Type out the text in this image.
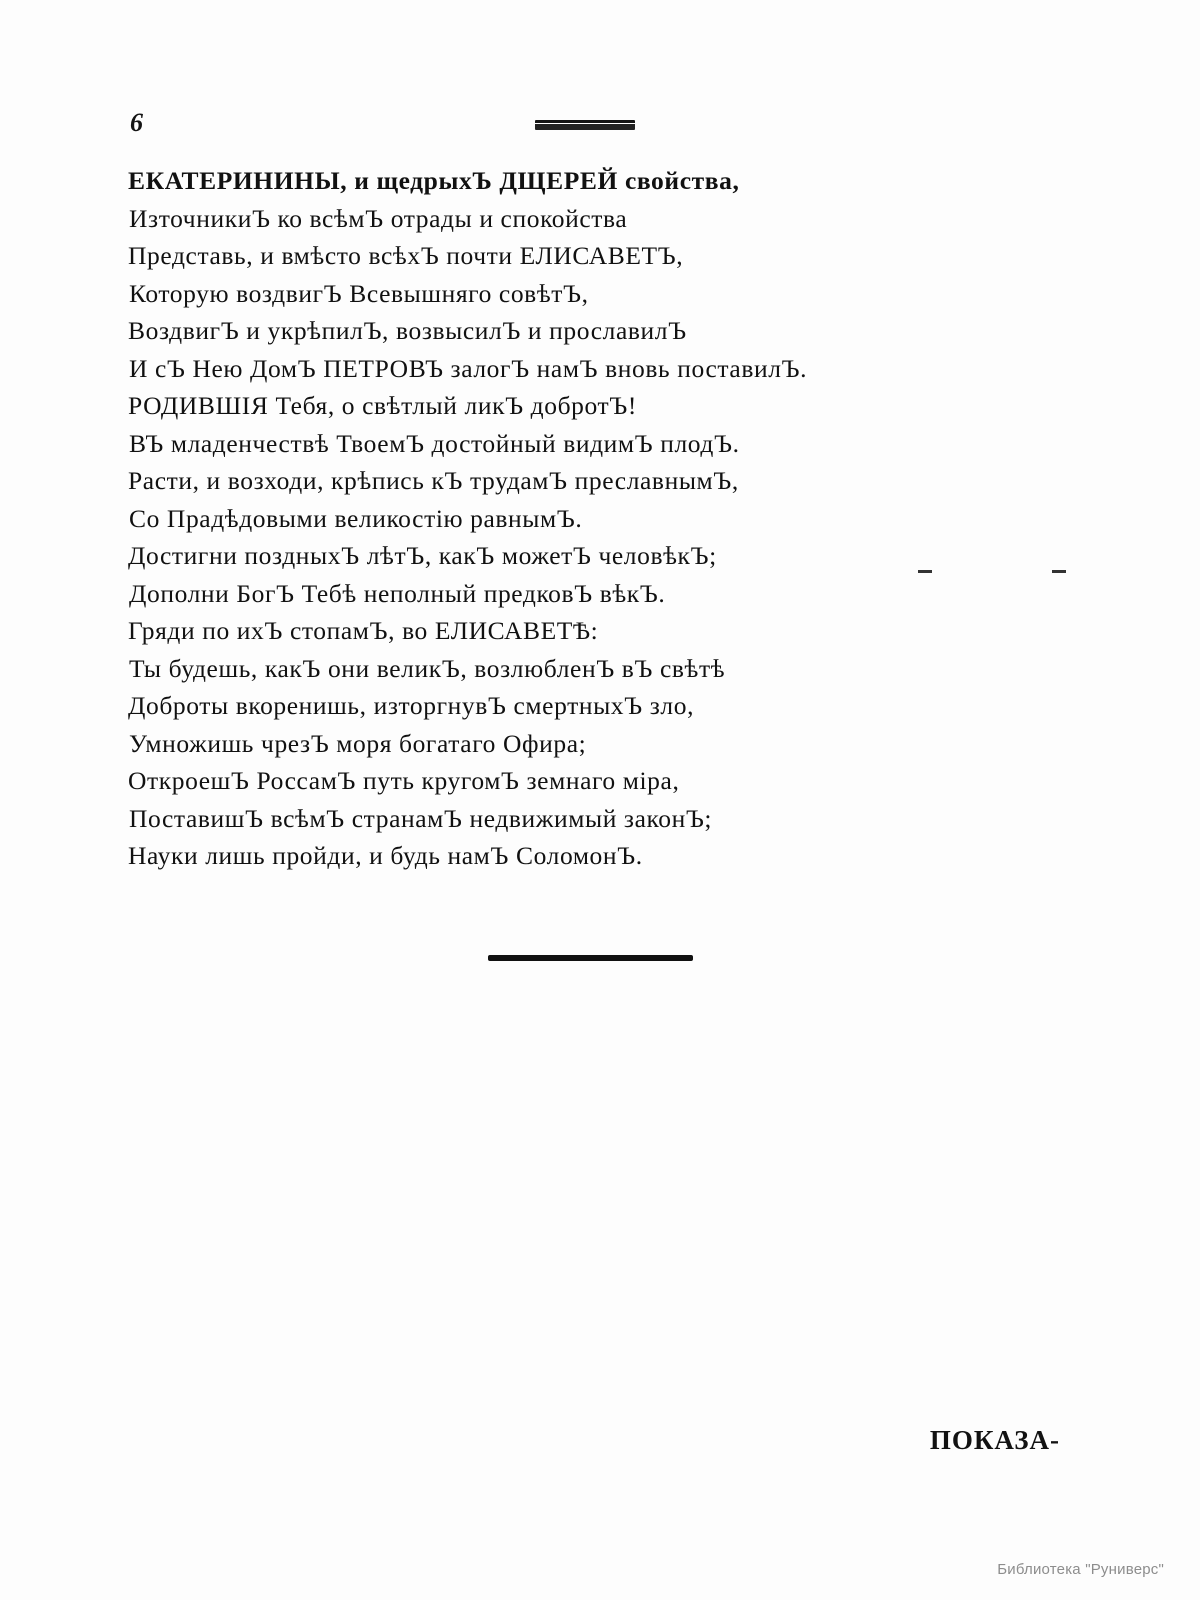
6
ЕКАТЕРИНИНЫ, и щедрыхЪ ДЩЕРЕЙ свойства,
ИзточникиЪ ко всѣмЪ отрады и спокойства
Представь, и вмѣсто всѣхЪ почти ЕЛИСАВЕТЪ,
Которую воздвигЪ Всевышняго совѣтЪ,
ВоздвигЪ и укрѣпилЪ, возвысилЪ и прославилЪ
И сЪ Нею ДомЪ ПЕТРОВЪ залогЪ намЪ вновь поставилЪ.
РОДИВШІЯ Тебя, о свѣтлый ликЪ добротЪ!
ВЪ младенчествѣ ТвоемЪ достойный видимЪ плодЪ.
Расти, и возходи, крѣпись кЪ трудамЪ преславнымЪ,
Со Прадѣдовыми великостію равнымЪ.
Достигни поздныхЪ лѣтЪ, какЪ можетЪ человѣкЪ;
Дополни БогЪ Тебѣ неполный предковЪ вѣкЪ.
Гряди по ихЪ стопамЪ, во ЕЛИСАВЕТѢ:
Ты будешь, какЪ они великЪ, возлюбленЪ вЪ свѣтѣ
Доброты вкоренишь, изторгнувЪ смертныхЪ зло,
Умножишь чрезЪ моря богатаго Офира;
ОткроешЪ РоссамЪ путь кругомЪ земнаго міра,
ПоставишЪ всѣмЪ странамЪ недвижимый законЪ;
Науки лишь пройди, и будь намЪ СоломонЪ.
ПОКАЗА-
Библиотека "Руниверс"
